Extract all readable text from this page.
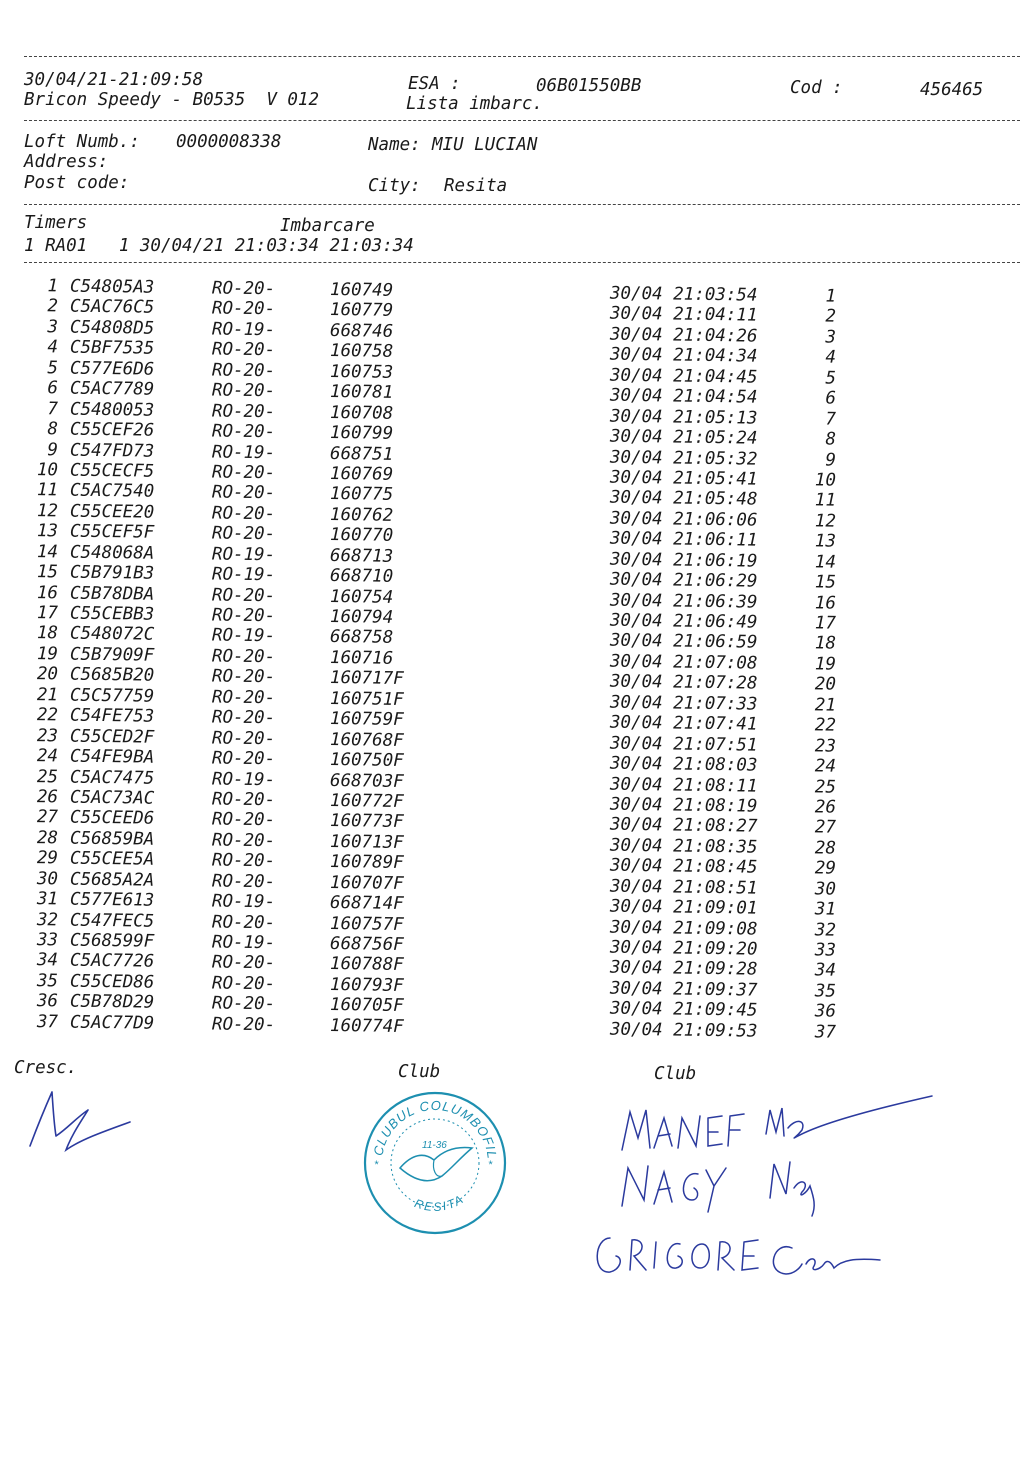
30/04/21-21:09:58	ESA :	06B01550BB	Cod :	456465
Bricon Speedy - B0535  V 012	Lista imbarc.
Loft Numb.: 0000008338	Name: MIU LUCIAN
Address:
Post code:	City: Resita
Timers	Imbarcare
1 RA01   1 30/04/21 21:03:34 21:03:34
1 C54805A3	RO-20-	160749	30/04 21:03:54	1
2 C5AC76C5	RO-20-	160779	30/04 21:04:11	2
3 C54808D5	RO-19-	668746	30/04 21:04:26	3
4 C5BF7535	RO-20-	160758	30/04 21:04:34	4
5 C577E6D6	RO-20-	160753	30/04 21:04:45	5
6 C5AC7789	RO-20-	160781	30/04 21:04:54	6
7 C5480053	RO-20-	160708	30/04 21:05:13	7
8 C55CEF26	RO-20-	160799	30/04 21:05:24	8
9 C547FD73	RO-19-	668751	30/04 21:05:32	9
10 C55CECF5	RO-20-	160769	30/04 21:05:41	10
11 C5AC7540	RO-20-	160775	30/04 21:05:48	11
12 C55CEE20	RO-20-	160762	30/04 21:06:06	12
13 C55CEF5F	RO-20-	160770	30/04 21:06:11	13
14 C548068A	RO-19-	668713	30/04 21:06:19	14
15 C5B791B3	RO-19-	668710	30/04 21:06:29	15
16 C5B78DBA	RO-20-	160754	30/04 21:06:39	16
17 C55CEBB3	RO-20-	160794	30/04 21:06:49	17
18 C548072C	RO-19-	668758	30/04 21:06:59	18
19 C5B7909F	RO-20-	160716	30/04 21:07:08	19
20 C5685B20	RO-20-	160717F	30/04 21:07:28	20
21 C5C57759	RO-20-	160751F	30/04 21:07:33	21
22 C54FE753	RO-20-	160759F	30/04 21:07:41	22
23 C55CED2F	RO-20-	160768F	30/04 21:07:51	23
24 C54FE9BA	RO-20-	160750F	30/04 21:08:03	24
25 C5AC7475	RO-19-	668703F	30/04 21:08:11	25
26 C5AC73AC	RO-20-	160772F	30/04 21:08:19	26
27 C55CEED6	RO-20-	160773F	30/04 21:08:27	27
28 C56859BA	RO-20-	160713F	30/04 21:08:35	28
29 C55CEE5A	RO-20-	160789F	30/04 21:08:45	29
30 C5685A2A	RO-20-	160707F	30/04 21:08:51	30
31 C577E613	RO-19-	668714F	30/04 21:09:01	31
32 C547FEC5	RO-20-	160757F	30/04 21:09:08	32
33 C568599F	RO-19-	668756F	30/04 21:09:20	33
34 C5AC7726	RO-20-	160788F	30/04 21:09:28	34
35 C55CED86	RO-20-	160793F	30/04 21:09:37	35
36 C5B78D29	RO-20-	160705F	30/04 21:09:45	36
37 C5AC77D9	RO-20-	160774F	30/04 21:09:53	37
Cresc.	Club	Club
CLUBUL COLUMBOFIL
11-36
RESITA
*	*
